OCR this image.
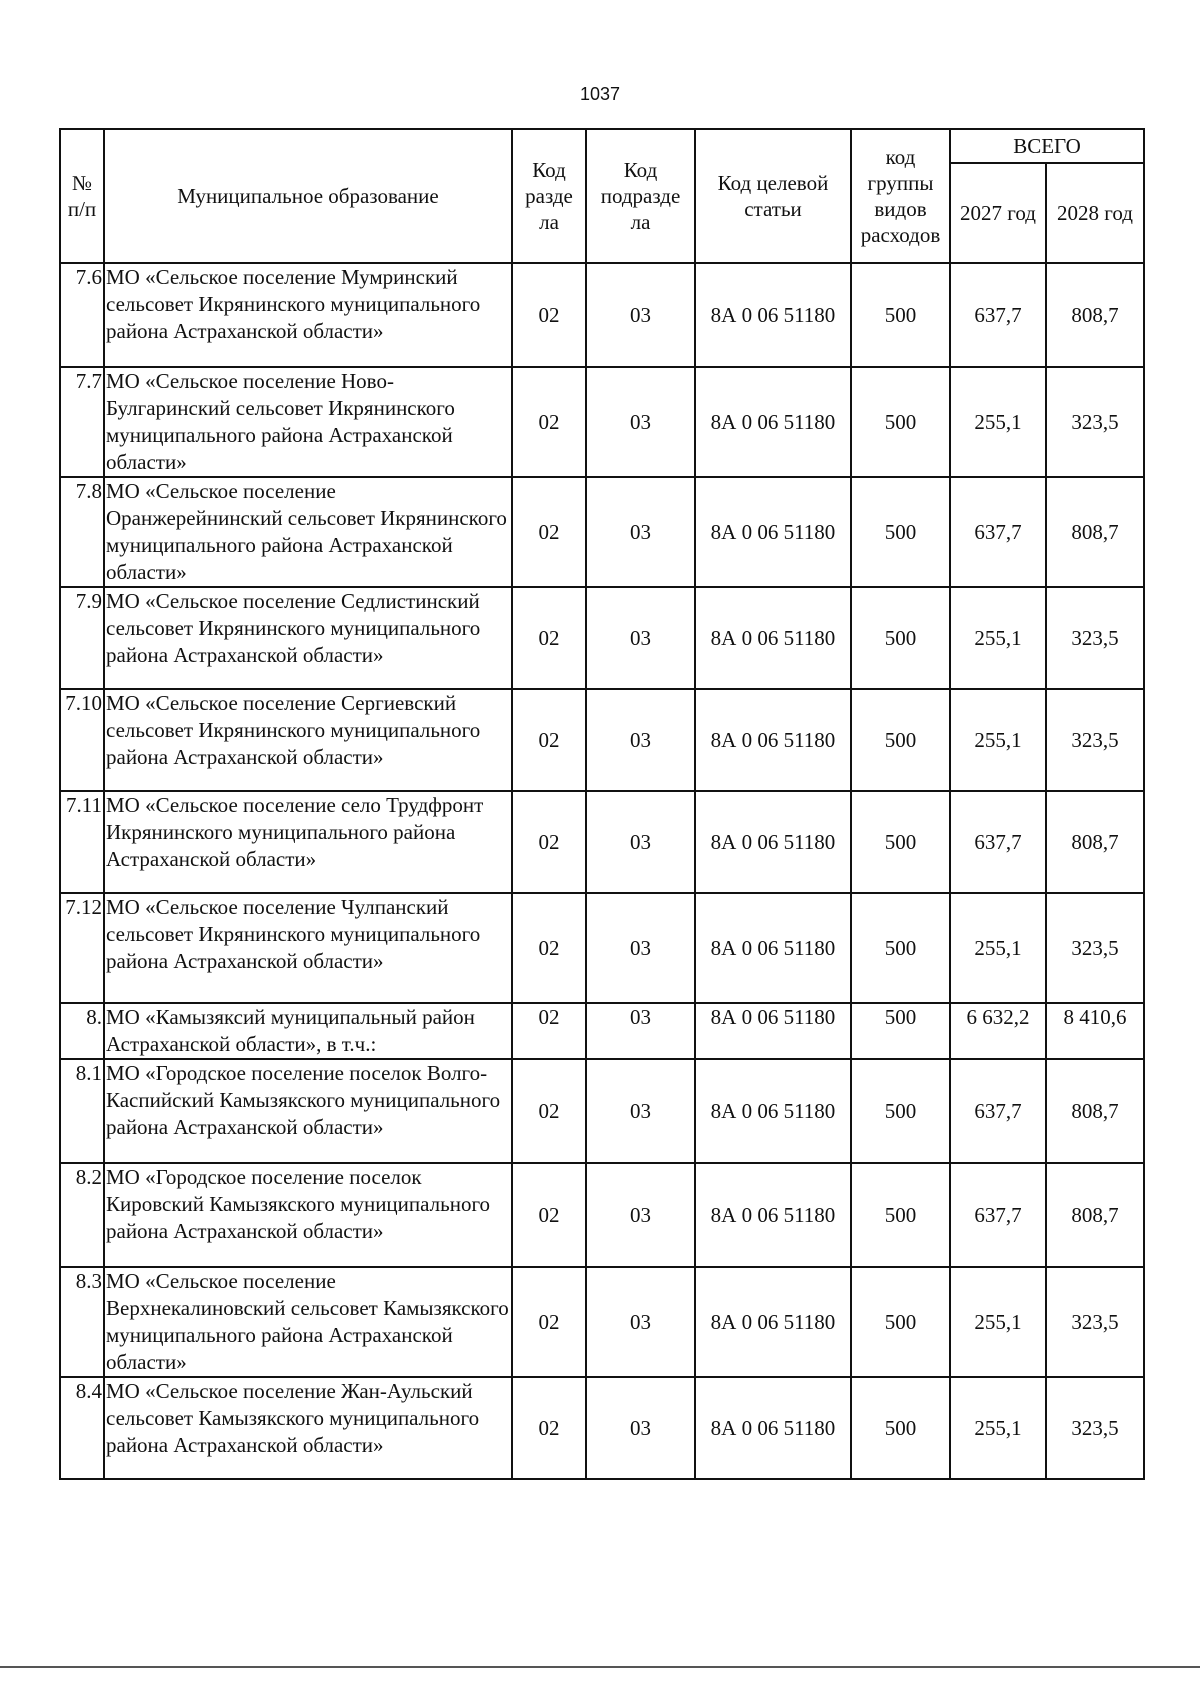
1037
№ п/п	Муниципальное образование	Код разде ла	Код подразде ла	Код целевой статьи	код группы видов расходов	ВСЕГО	
						2027 год	2028 год
7.6	МО «Сельское поселение Мумринский сельсовет Икрянинского муниципального района Астраханской области»	02	03	8А 0 06 51180	500	637,7	808,7
7.7	МО «Сельское поселение Ново-Булгаринский сельсовет Икрянинского муниципального района Астраханской области»	02	03	8А 0 06 51180	500	255,1	323,5
7.8	МО «Сельское поселение Оранжерейнинский сельсовет Икрянинского муниципального района Астраханской области»	02	03	8А 0 06 51180	500	637,7	808,7
7.9	МО «Сельское поселение Седлистинский сельсовет Икрянинского муниципального района Астраханской области»	02	03	8А 0 06 51180	500	255,1	323,5
7.10	МО «Сельское поселение Сергиевский сельсовет Икрянинского муниципального района Астраханской области»	02	03	8А 0 06 51180	500	255,1	323,5
7.11	МО «Сельское поселение село Трудфронт Икрянинского муниципального района Астраханской области»	02	03	8А 0 06 51180	500	637,7	808,7
7.12	МО «Сельское поселение Чулпанский сельсовет Икрянинского муниципального района Астраханской области»	02	03	8А 0 06 51180	500	255,1	323,5
8.	МО «Камызяксий муниципальный район Астраханской области», в т.ч.:	02	03	8А 0 06 51180	500	6 632,2	8 410,6
8.1	МО «Городское поселение поселок Волго-Каспийский Камызякского муниципального района Астраханской области»	02	03	8А 0 06 51180	500	637,7	808,7
8.2	МО «Городское поселение поселок Кировский Камызякского муниципального района Астраханской области»	02	03	8А 0 06 51180	500	637,7	808,7
8.3	МО «Сельское поселение Верхнекалиновский сельсовет Камызякского муниципального района Астраханской области»	02	03	8А 0 06 51180	500	255,1	323,5
8.4	МО «Сельское поселение Жан-Аульский сельсовет Камызякского муниципального района Астраханской области»	02	03	8А 0 06 51180	500	255,1	323,5
